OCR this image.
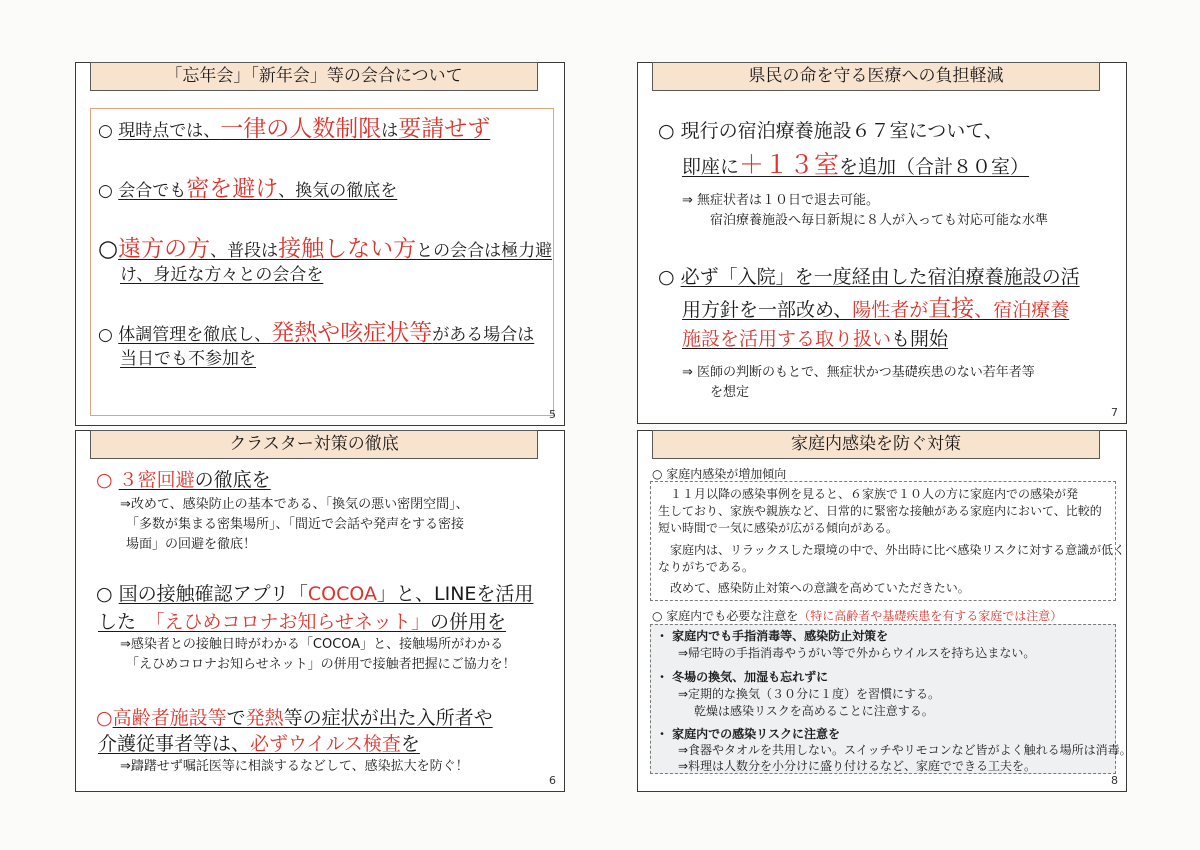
「忘年会」「新年会」等の会合について
○ 現時点では、一律の人数制限は要請せず
○ 会合でも密を避け、換気の徹底を
○遠方の方、普段は接触しない方との会合は極力避
け、身近な方々との会合を
○ 体調管理を徹底し、発熱や咳症状等がある場合は
当日でも不参加を
5
県民の命を守る医療への負担軽減
○ 現行の宿泊療養施設６７室について、
即座に＋１３室を追加（合計８０室）
⇒ 無症状者は１０日で退去可能。
宿泊療養施設へ毎日新規に８人が入っても対応可能な水準
○ 必ず「入院」を一度経由した宿泊療養施設の活
用方針を一部改め、陽性者が直接、宿泊療養
施設を活用する取り扱いも開始
⇒ 医師の判断のもとで、無症状かつ基礎疾患のない若年者等
を想定
7
クラスター対策の徹底
○ ３密回避の徹底を
⇒改めて、感染防止の基本である、「換気の悪い密閉空間」、
「多数が集まる密集場所」、「間近で会話や発声をする密接
場面」の回避を徹底！
○ 国の接触確認アプリ「COCOA」と、LINEを活用
した　 「えひめコロナお知らせネット」の併用を
⇒感染者との接触日時がわかる「COCOA」と、接触場所がわかる
「えひめコロナお知らせネット」の併用で接触者把握にご協力を！
○高齢者施設等で発熱等の症状が出た入所者や
介護従事者等は、必ずウイルス検査を
⇒躊躇せず嘱託医等に相談するなどして、感染拡大を防ぐ！
6
家庭内感染を防ぐ対策
○ 家庭内感染が増加傾向
　１１月以降の感染事例を見ると、６家族で１０人の方に家庭内での感染が発
生しており、家族や親族など、日常的に緊密な接触がある家庭内において、比較的
短い時間で一気に感染が広がる傾向がある。
　家庭内は、リラックスした環境の中で、外出時に比べ感染リスクに対する意識が低く
なりがちである。
　改めて、感染防止対策への意識を高めていただきたい。
○ 家庭内でも必要な注意を（特に高齢者や基礎疾患を有する家庭では注意）
・ 家庭内でも手指消毒等、感染防止対策を
⇒帰宅時の手指消毒やうがい等で外からウイルスを持ち込まない。
・ 冬場の換気、加湿も忘れずに
⇒定期的な換気（３０分に１度）を習慣にする。
乾燥は感染リスクを高めることに注意する。
・ 家庭内での感染リスクに注意を
⇒食器やタオルを共用しない。スイッチやリモコンなど皆がよく触れる場所は消毒。
⇒料理は人数分を小分けに盛り付けるなど、家庭でできる工夫を。
8
